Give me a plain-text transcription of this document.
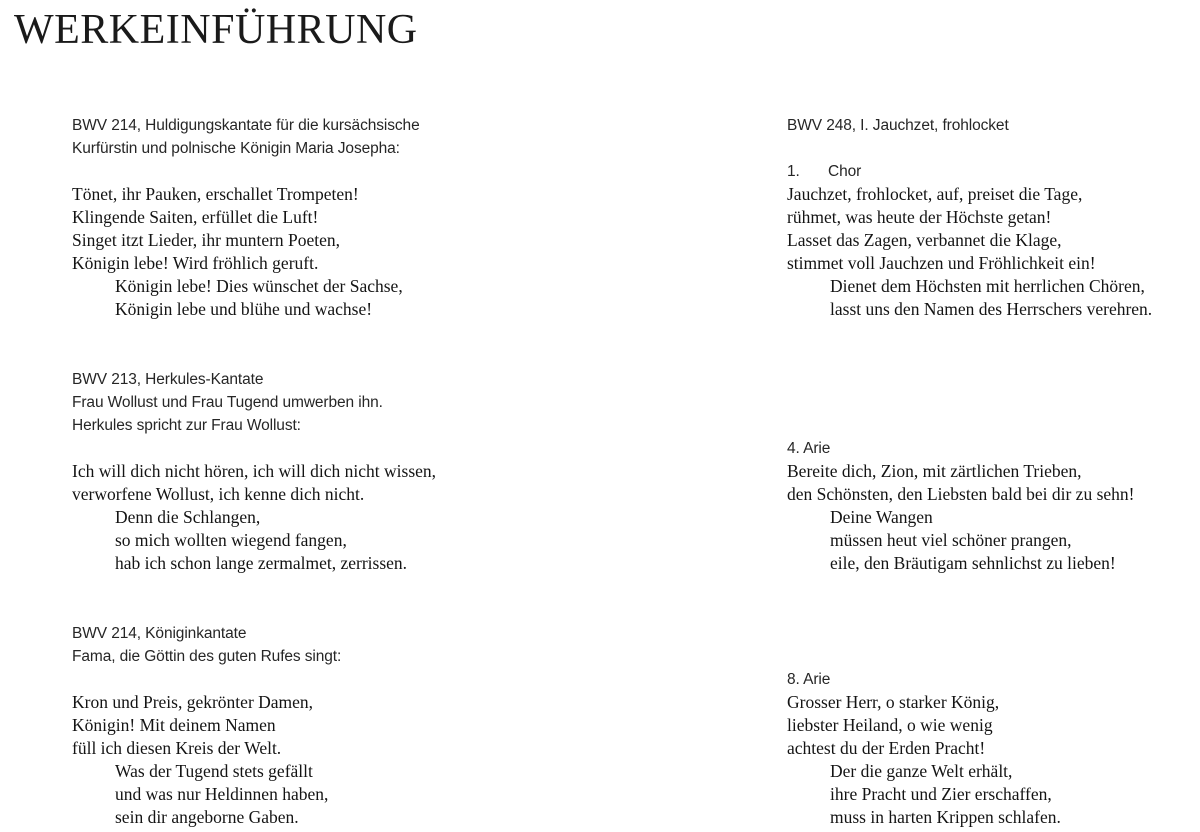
WERKEINFÜHRUNG
BWV 214, Huldigungskantate für die kursächsische
Kurfürstin und polnische Königin Maria Josepha:
Tönet, ihr Pauken, erschallet Trompeten!
Klingende Saiten, erfüllet die Luft!
Singet itzt Lieder, ihr muntern Poeten,
Königin lebe! Wird fröhlich geruft.
Königin lebe! Dies wünschet der Sachse,
Königin lebe und blühe und wachse!
BWV 213, Herkules-Kantate
Frau Wollust und Frau Tugend umwerben ihn.
Herkules spricht zur Frau Wollust:
Ich will dich nicht hören, ich will dich nicht wissen,
verworfene Wollust, ich kenne dich nicht.
Denn die Schlangen,
so mich wollten wiegend fangen,
hab ich schon lange zermalmet, zerrissen.
BWV 214, Königinkantate
Fama, die Göttin des guten Rufes singt:
Kron und Preis, gekrönter Damen,
Königin! Mit deinem Namen
füll ich diesen Kreis der Welt.
Was der Tugend stets gefällt
und was nur Heldinnen haben,
sein dir angeborne Gaben.
BWV 248, I. Jauchzet, frohlocket
1. Chor
Jauchzet, frohlocket, auf, preiset die Tage,
rühmet, was heute der Höchste getan!
Lasset das Zagen, verbannet die Klage,
stimmet voll Jauchzen und Fröhlichkeit ein!
Dienet dem Höchsten mit herrlichen Chören,
lasst uns den Namen des Herrschers verehren.
4. Arie
Bereite dich, Zion, mit zärtlichen Trieben,
den Schönsten, den Liebsten bald bei dir zu sehn!
Deine Wangen
müssen heut viel schöner prangen,
eile, den Bräutigam sehnlichst zu lieben!
8. Arie
Grosser Herr, o starker König,
liebster Heiland, o wie wenig
achtest du der Erden Pracht!
Der die ganze Welt erhält,
ihre Pracht und Zier erschaffen,
muss in harten Krippen schlafen.
